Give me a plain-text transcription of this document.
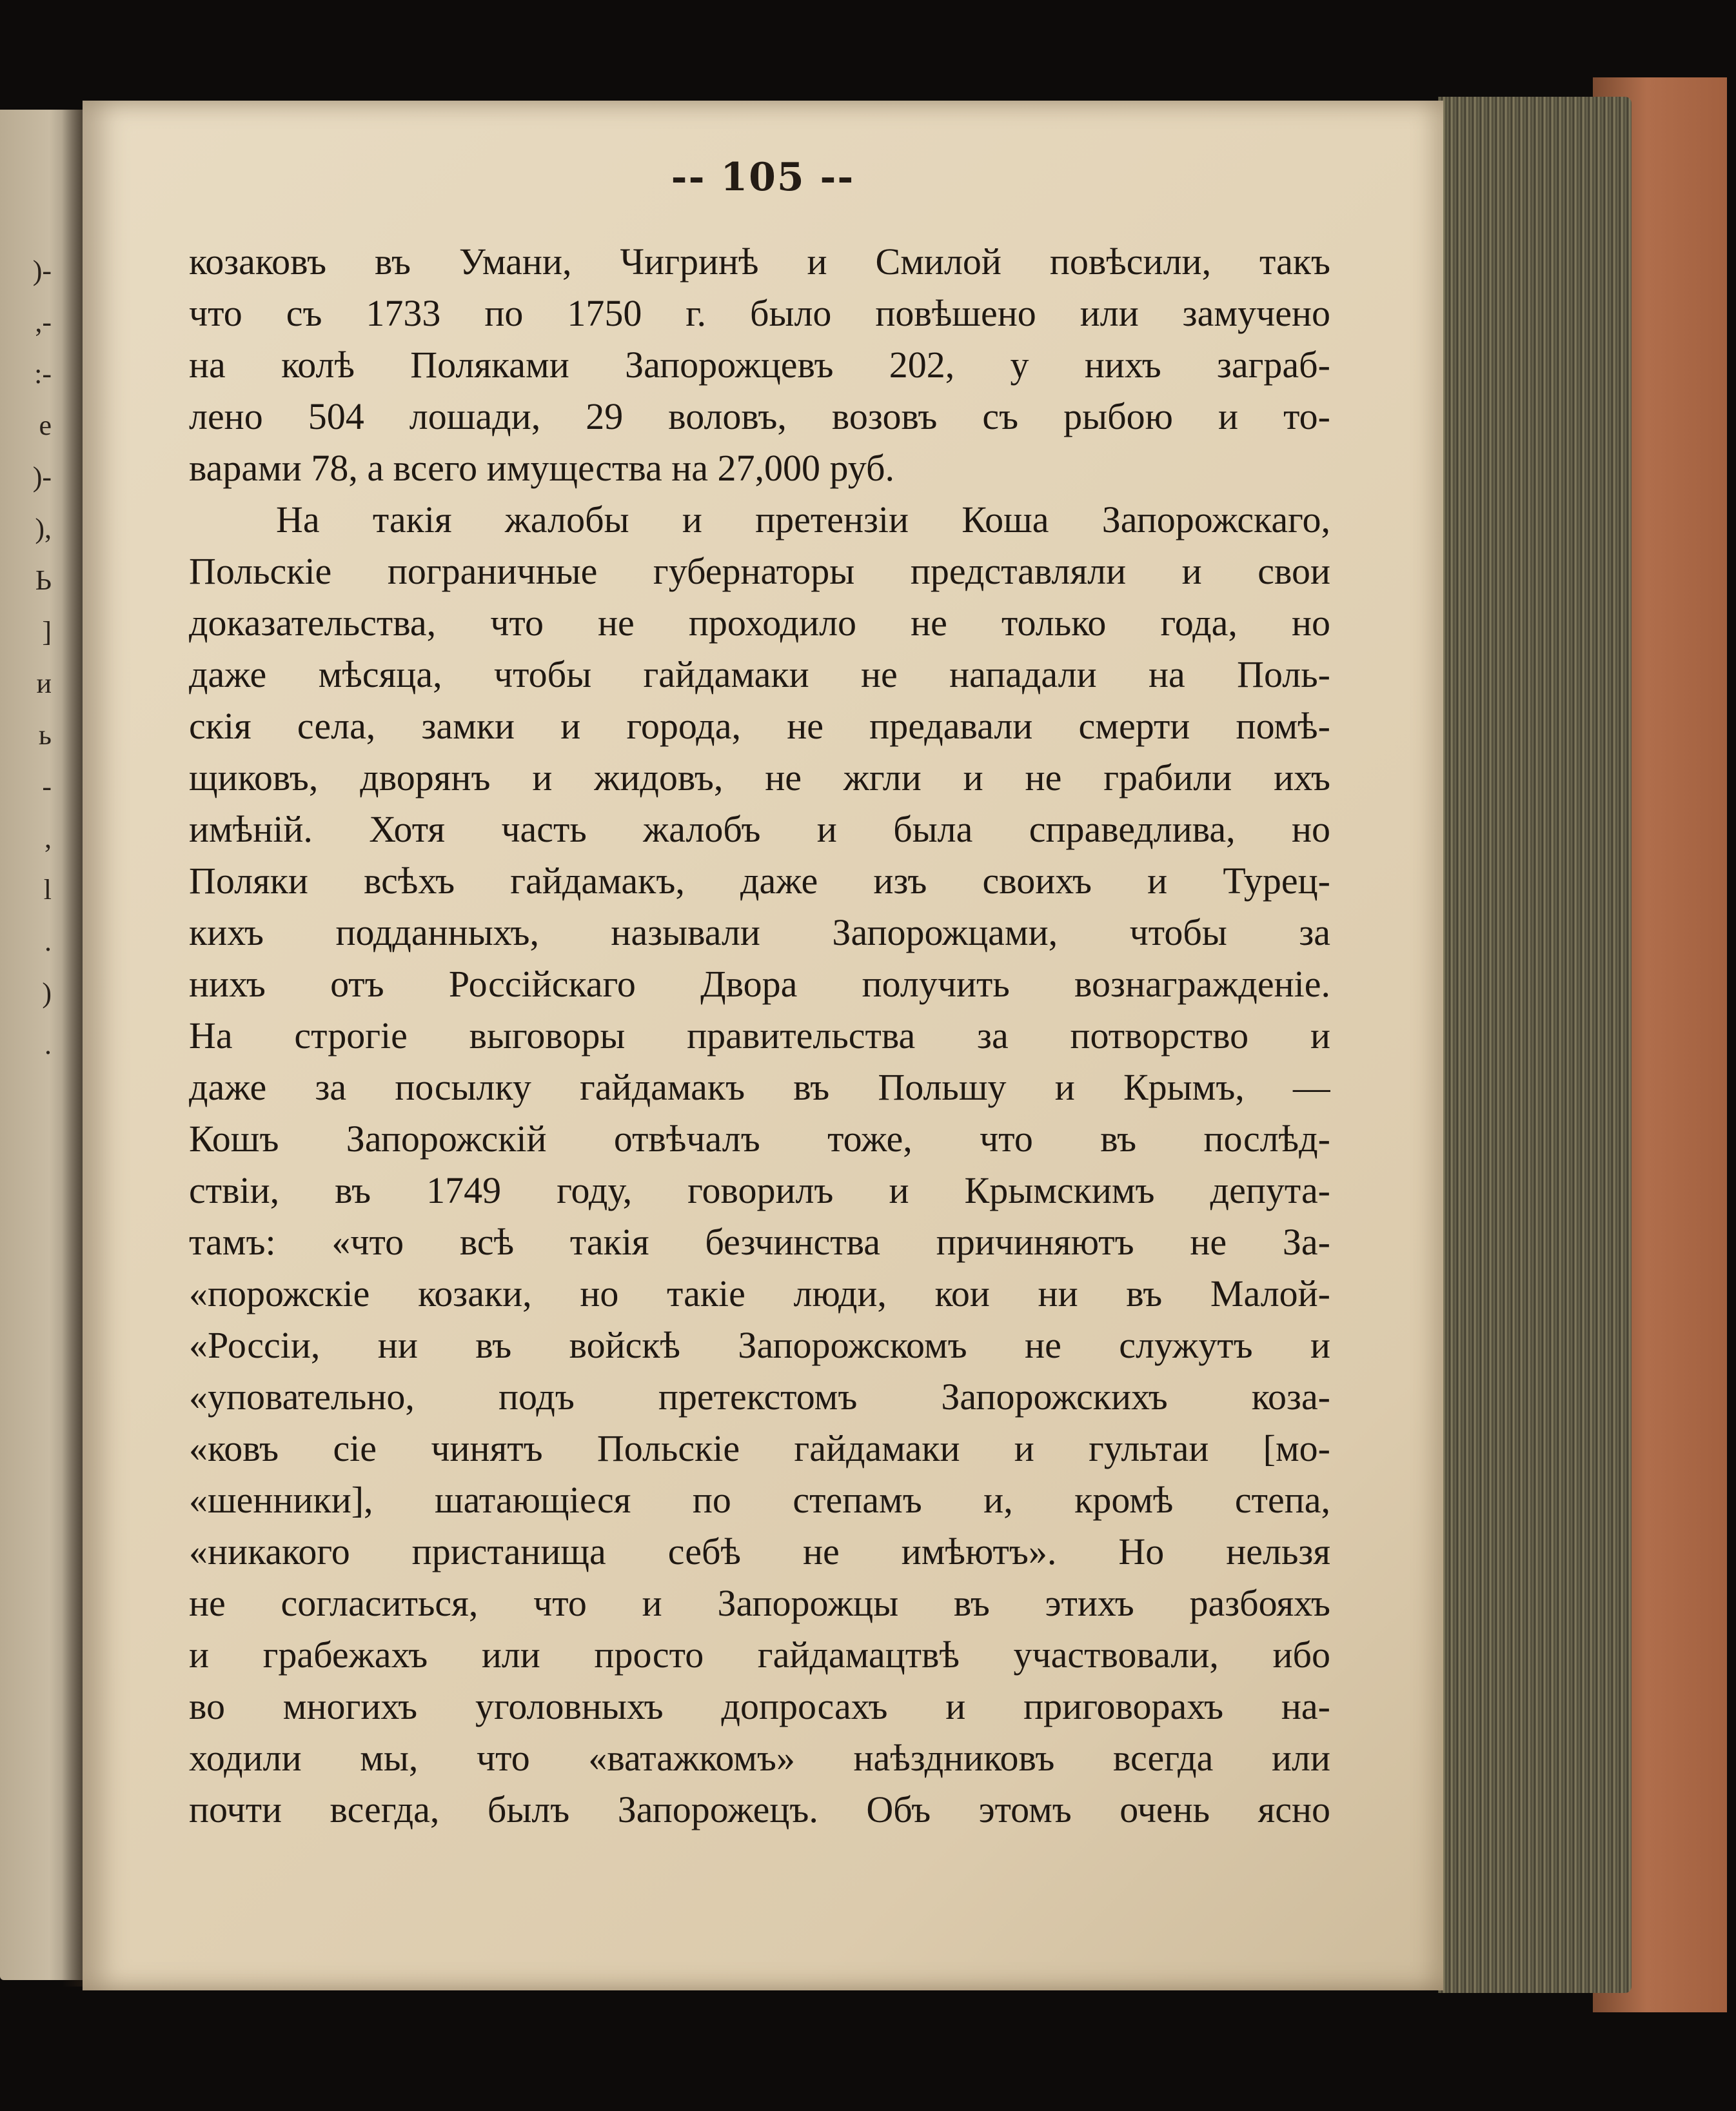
)-
,-
:-
e
)-
),
Ь
]
и
ь
-
,
l
.
)
.
-- 105 --
козаковъ въ Умани, Чигринѣ и Смилой повѣсили, такъ
что съ 1733 по 1750 г. было повѣшено или замучено
на колѣ Поляками Запорожцевъ 202, у нихъ заграб-
лено 504 лошади, 29 воловъ, возовъ съ рыбою и то-
варами 78, а всего имущества на 27,000 руб.
На такія жалобы и претензіи Коша Запорожскаго,
Польскіе пограничные губернаторы представляли и свои
доказательства, что не проходило не только года, но
даже мѣсяца, чтобы гайдамаки не нападали на Поль-
скія села, замки и города, не предавали смерти помѣ-
щиковъ, дворянъ и жидовъ, не жгли и не грабили ихъ
имѣній. Хотя часть жалобъ и была справедлива, но
Поляки всѣхъ гайдамакъ, даже изъ своихъ и Турец-
кихъ подданныхъ, называли Запорожцами, чтобы за
нихъ отъ Россійскаго Двора получить вознагражденіе.
На строгіе выговоры правительства за потворство и
даже за посылку гайдамакъ въ Польшу и Крымъ, —
Кошъ Запорожскій отвѣчалъ тоже, что въ послѣд-
ствіи, въ 1749 году, говорилъ и Крымскимъ депута-
тамъ: «что всѣ такія безчинства причиняютъ не За-
«порожскіе козаки, но такіе люди, кои ни въ Малой-
«Россіи, ни въ войскѣ Запорожскомъ не служутъ и
«уповательно, подъ претекстомъ Запорожскихъ коза-
«ковъ сіе чинятъ Польскіе гайдамаки и гультаи [мо-
«шенники], шатающіеся по степамъ и, кромѣ степа,
«никакого пристанища себѣ не имѣютъ». Но нельзя
не согласиться, что и Запорожцы въ этихъ разбояхъ
и грабежахъ или просто гайдамацтвѣ участвовали, ибо
во многихъ уголовныхъ допросахъ и приговорахъ на-
ходили мы, что «ватажкомъ» наѣздниковъ всегда или
почти всегда, былъ Запорожецъ. Объ этомъ очень ясно
